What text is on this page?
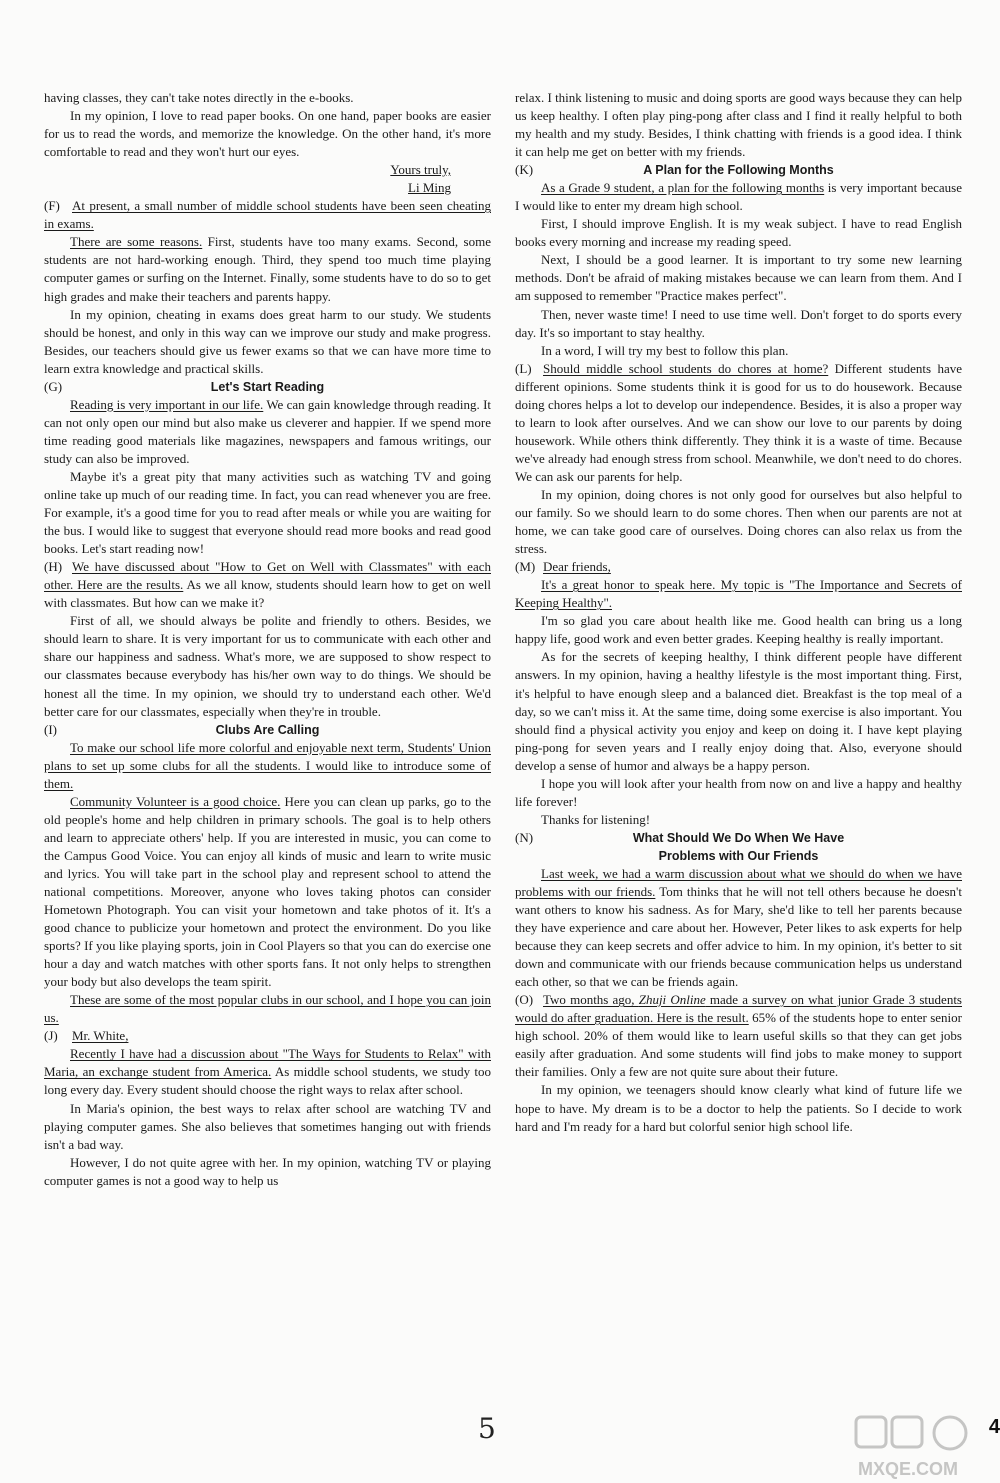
having classes, they can't take notes directly in the e-books.

In my opinion, I love to read paper books. On one hand, paper books are easier for us to read the words, and memorize the knowledge. On the other hand, it's more comfortable to read and they won't hurt our eyes.

Yours truly,
Li Ming

(F) At present, a small number of middle school students have been seen cheating in exams.

There are some reasons. First, students have too many exams. Second, some students are not hard-working enough. Third, they spend too much time playing computer games or surfing on the Internet. Finally, some students have to do so to get high grades and make their teachers and parents happy.

In my opinion, cheating in exams does great harm to our study. We students should be honest, and only in this way can we improve our study and make progress. Besides, our teachers should give us fewer exams so that we can have more time to learn extra knowledge and practical skills.

(G)	Let's Start Reading

Reading is very important in our life. We can gain knowledge through reading. It can not only open our mind but also make us cleverer and happier. If we spend more time reading good materials like magazines, newspapers and famous writings, our study can also be improved.

Maybe it's a great pity that many activities such as watching TV and going online take up much of our reading time. In fact, you can read whenever you are free. For example, it's a good time for you to read after meals or while you are waiting for the bus. I would like to suggest that everyone should read more books and read good books. Let's start reading now!

(H) We have discussed about "How to Get on Well with Classmates" with each other. Here are the results. As we all know, students should learn how to get on well with classmates. But how can we make it?

First of all, we should always be polite and friendly to others. Besides, we should learn to share. It is very important for us to communicate with each other and share our happiness and sadness. What's more, we are supposed to show respect to our classmates because everybody has his/her own way to do things. We should be honest all the time. In my opinion, we should try to understand each other. We'd better care for our classmates, especially when they're in trouble.

(I)	Clubs Are Calling

To make our school life more colorful and enjoyable next term, Students' Union plans to set up some clubs for all the students. I would like to introduce some of them.

Community Volunteer is a good choice. Here you can clean up parks, go to the old people's home and help children in primary schools. The goal is to help others and learn to appreciate others' help. If you are interested in music, you can come to the Campus Good Voice. You can enjoy all kinds of music and learn to write music and lyrics. You will take part in the school play and represent school to attend the national competitions. Moreover, anyone who loves taking photos can consider Hometown Photograph. You can visit your hometown and take photos of it. It's a good chance to publicize your hometown and protect the environment. Do you like sports? If you like playing sports, join in Cool Players so that you can do exercise one hour a day and watch matches with other sports fans. It not only helps to strengthen your body but also develops the team spirit.

These are some of the most popular clubs in our school, and I hope you can join us.

(J) Mr. White,

Recently I have had a discussion about "The Ways for Students to Relax" with Maria, an exchange student from America. As middle school students, we study too long every day. Every student should choose the right ways to relax after school.

In Maria's opinion, the best ways to relax after school are watching TV and playing computer games. She also believes that sometimes hanging out with friends isn't a bad way.

However, I do not quite agree with her. In my opinion, watching TV or playing computer games is not a good way to help us

relax. I think listening to music and doing sports are good ways because they can help us keep healthy. I often play ping-pong after class and I find it really helpful to both my health and my study. Besides, I think chatting with friends is a good idea. I think it can help me get on better with my friends.

(K)	A Plan for the Following Months

As a Grade 9 student, a plan for the following months is very important because I would like to enter my dream high school.

First, I should improve English. It is my weak subject. I have to read English books every morning and increase my reading speed.

Next, I should be a good learner. It is important to try some new learning methods. Don't be afraid of making mistakes because we can learn from them. And I am supposed to remember "Practice makes perfect".

Then, never waste time! I need to use time well. Don't forget to do sports every day. It's so important to stay healthy.

In a word, I will try my best to follow this plan.

(L) Should middle school students do chores at home? Different students have different opinions. Some students think it is good for us to do housework. Because doing chores helps a lot to develop our independence. Besides, it is also a proper way to learn to look after ourselves. And we can show our love to our parents by doing housework. While others think differently. They think it is a waste of time. Because we've already had enough stress from school. Meanwhile, we don't need to do chores. We can ask our parents for help.

In my opinion, doing chores is not only good for ourselves but also helpful to our family. So we should learn to do some chores. Then when our parents are not at home, we can take good care of ourselves. Doing chores can also relax us from the stress.

(M) Dear friends,

It's a great honor to speak here. My topic is "The Importance and Secrets of Keeping Healthy".

I'm so glad you care about health like me. Good health can bring us a long happy life, good work and even better grades. Keeping healthy is really important.

As for the secrets of keeping healthy, I think different people have different answers. In my opinion, having a healthy lifestyle is the most important thing. First, it's helpful to have enough sleep and a balanced diet. Breakfast is the top meal of a day, so we can't miss it. At the same time, doing some exercise is also important. You should find a physical activity you enjoy and keep on doing it. I have kept playing ping-pong for seven years and I really enjoy doing that. Also, everyone should develop a sense of humor and always be a happy person.

I hope you will look after your health from now on and live a happy and healthy life forever!

Thanks for listening!

(N)	What Should We Do When We Have
Problems with Our Friends

Last week, we had a warm discussion about what we should do when we have problems with our friends. Tom thinks that he will not tell others because he doesn't want others to know his sadness. As for Mary, she'd like to tell her parents because they have experience and care about her. However, Peter likes to ask experts for help because they can keep secrets and offer advice to him. In my opinion, it's better to sit down and communicate with our friends because communication helps us understand each other, so that we can be friends again.

(O) Two months ago, Zhuji Online made a survey on what junior Grade 3 students would do after graduation. Here is the result. 65% of the students hope to enter senior high school. 20% of them would like to learn useful skills so that they can get jobs easily after graduation. And some students will find jobs to make money to support their families. Only a few are not quite sure about their future.

In my opinion, we teenagers should know clearly what kind of future life we hope to have. My dream is to be a doctor to help the patients. So I decide to work hard and I'm ready for a hard but colorful senior high school life.

5	4
MXQE.COM
